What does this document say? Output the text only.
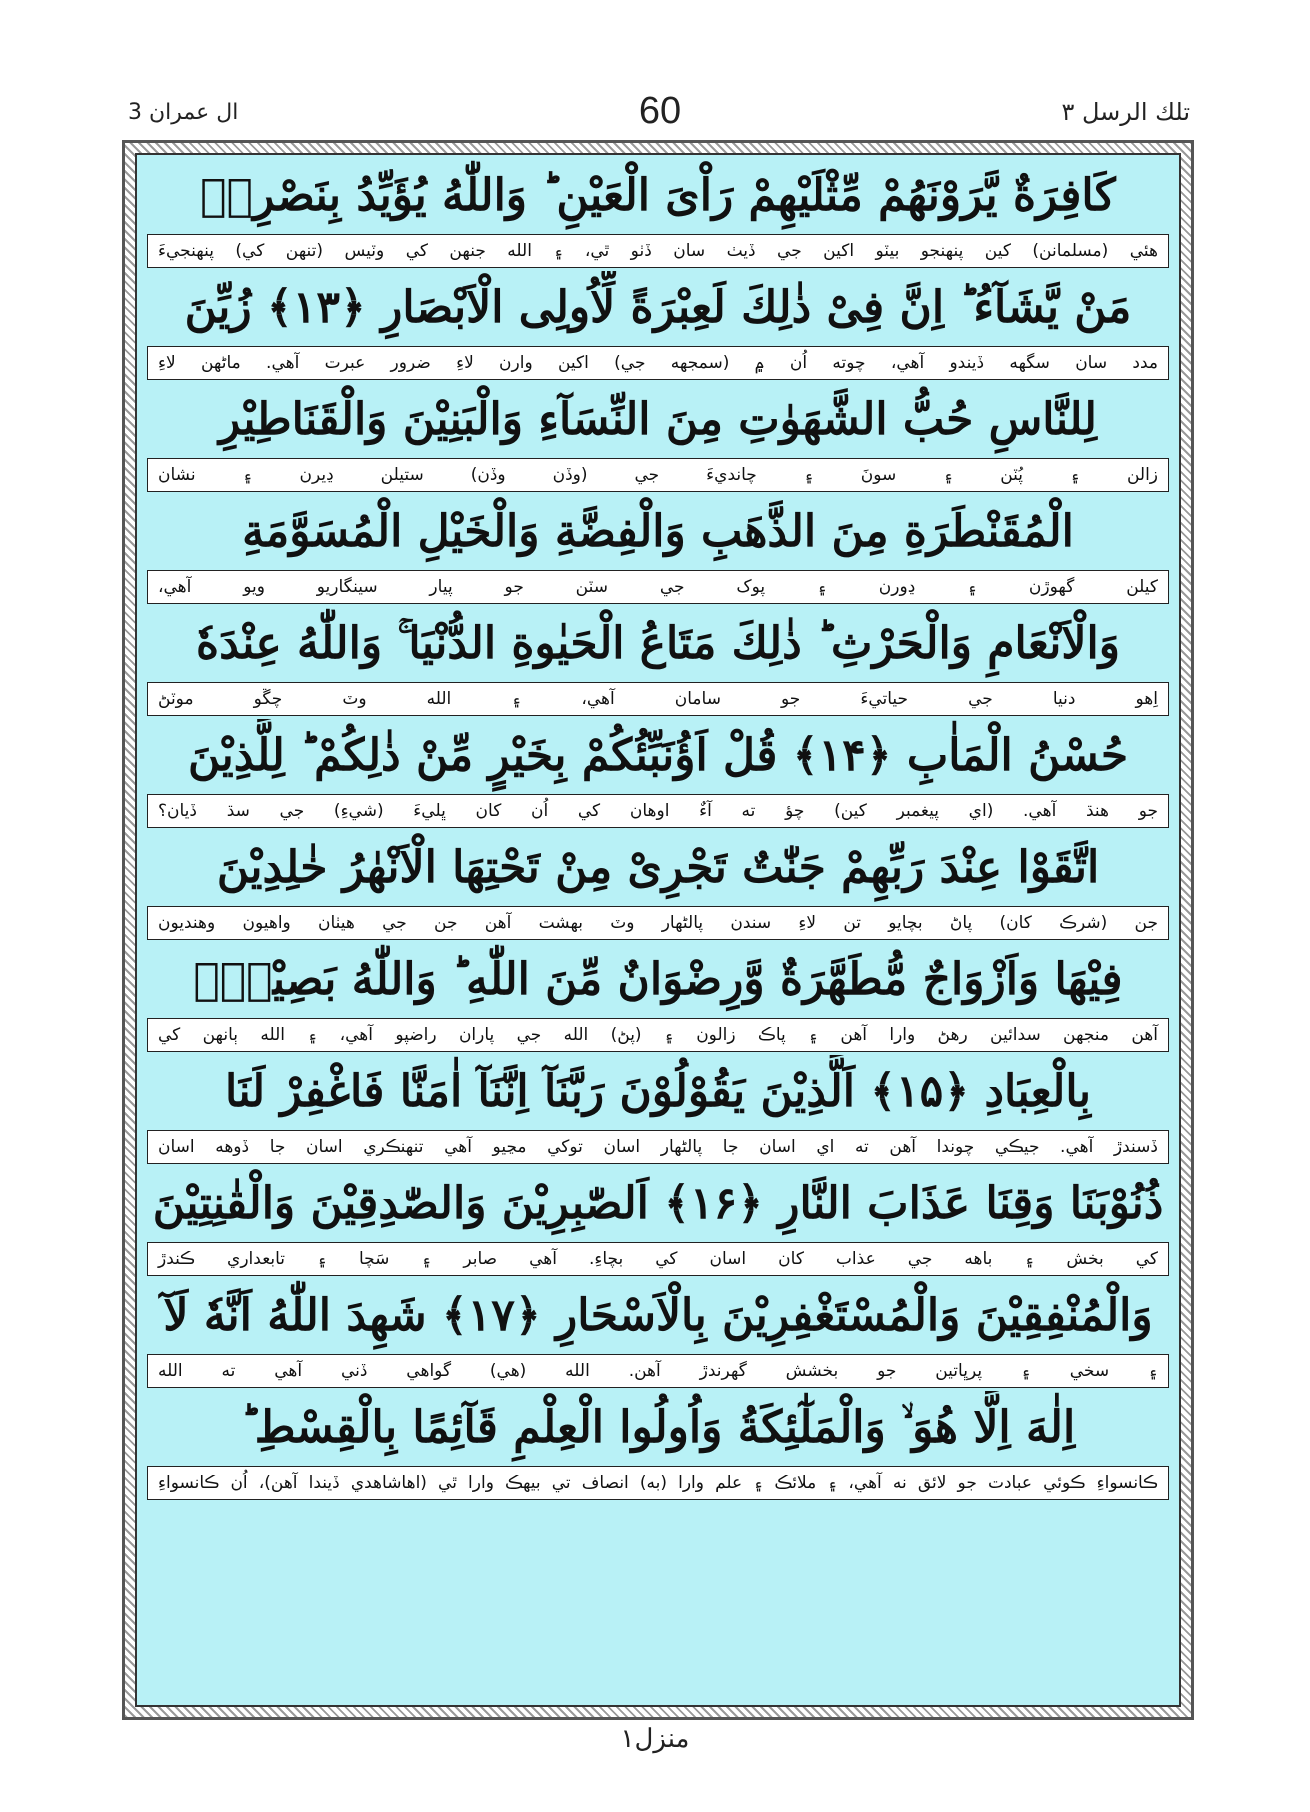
ال عمران 3	60	تلك الرسل ٣
كَافِرَةٌ يَّرَوْنَهُمْ مِّثْلَيْهِمْ رَاْىَ الْعَيْنِ ؕ وَاللّٰهُ يُؤَيِّدُ بِنَصْرِهٖ
هئي (مسلمانن) کين پنهنجو بيٽو اکين جي ڏيٺ سان ڏٺو ٿي، ۽ الله جنهن کي وٽيس (تنهن کي) پنهنجيءَ
مَنْ يَّشَآءُ ؕ اِنَّ فِىْ ذٰلِكَ لَعِبْرَةً لِّاُولِى الْاَبْصَارِ ﴿۱۳﴾ زُيِّنَ
مدد سان سگهه ڏيندو آهي، چوته اُن ۾ (سمجهه جي) اکين وارن لاءِ ضرور عبرت آهي. ماڻهن لاءِ
لِلنَّاسِ حُبُّ الشَّهَوٰتِ مِنَ النِّسَآءِ وَالْبَنِيْنَ وَالْقَنَاطِيْرِ
زالن ۽ پُٽن ۽ سونَ ۽ چانديءَ جي (وڏن وڏن) ستيلن ڍيرن ۽ نشان
الْمُقَنْطَرَةِ مِنَ الذَّهَبِ وَالْفِضَّةِ وَالْخَيْلِ الْمُسَوَّمَةِ
کيلن گهوڙن ۽ ڍورن ۽ پوک جي سٽن جو پيار سينگاريو ويو آهي،
وَالْاَنْعَامِ وَالْحَرْثِ ؕ ذٰلِكَ مَتَاعُ الْحَيٰوةِ الدُّنْيَا ۚ وَاللّٰهُ عِنْدَهٗ
اِهو دنيا جي حياتيءَ جو سامان آهي، ۽ الله وٽ چڱو موٽڻ
حُسْنُ الْمَاٰبِ ﴿۱۴﴾ قُلْ اَؤُنَبِّئُكُمْ بِخَيْرٍ مِّنْ ذٰلِكُمْ ؕ لِلَّذِيْنَ
جو هنڌ آهي. (اي پيغمبر کين) چؤ ته آءٌ اوهان کي اُن کان ڀليءَ (شيءِ) جي سڌ ڏيان؟
اتَّقَوْا عِنْدَ رَبِّهِمْ جَنّٰتٌ تَجْرِىْ مِنْ تَحْتِهَا الْاَنْهٰرُ خٰلِدِيْنَ
جن (شرڪ کان) پاڻ بچايو تن لاءِ سندن پالڻهار وٽ بهشت آهن جن جي هيٺان واهيون وهنديون
فِيْهَا وَاَزْوَاجٌ مُّطَهَّرَةٌ وَّرِضْوَانٌ مِّنَ اللّٰهِ ؕ وَاللّٰهُ بَصِيْرٌۢ
آهن منجهن سدائين رهڻ وارا آهن ۽ پاڪ زالون ۽ (پڻ) الله جي پاران راضپو آهي، ۽ الله ٻانهن کي
بِالْعِبَادِ ﴿۱۵﴾ اَلَّذِيْنَ يَقُوْلُوْنَ رَبَّنَآ اِنَّنَآ اٰمَنَّا فَاغْفِرْ لَنَا
ڏسندڙ آهي. جيڪي چوندا آهن ته اي اسان جا پالڻهار اسان توکي مڃيو آهي تنهنڪري اسان جا ڏوهه اسان
ذُنُوْبَنَا وَقِنَا عَذَابَ النَّارِ ﴿۱۶﴾ اَلصّٰبِرِيْنَ وَالصّٰدِقِيْنَ وَالْقٰنِتِيْنَ
کي بخش ۽ باهه جي عذاب کان اسان کي بچاءِ. آهي صابر ۽ سَچا ۽ تابعداري ڪندڙ
وَالْمُنْفِقِيْنَ وَالْمُسْتَغْفِرِيْنَ بِالْاَسْحَارِ ﴿۱۷﴾ شَهِدَ اللّٰهُ اَنَّهٗ لَآ
۽ سخي ۽ پرڀاتين جو بخشش گهرندڙ آهن. الله (هي) گواهي ڏني آهي ته الله
اِلٰهَ اِلَّا هُوَ ۙ وَالْمَلٰٓئِكَةُ وَاُولُوا الْعِلْمِ قَآئِمًا بِالْقِسْطِ ؕ
ڪانسواءِ ڪوئي عبادت جو لائق نه آهي، ۽ ملائڪ ۽ علم وارا (به) انصاف تي بيهڪ وارا ٿي (اهاشاهدي ڏيندا آهن)، اُن ڪانسواءِ
منزل١
